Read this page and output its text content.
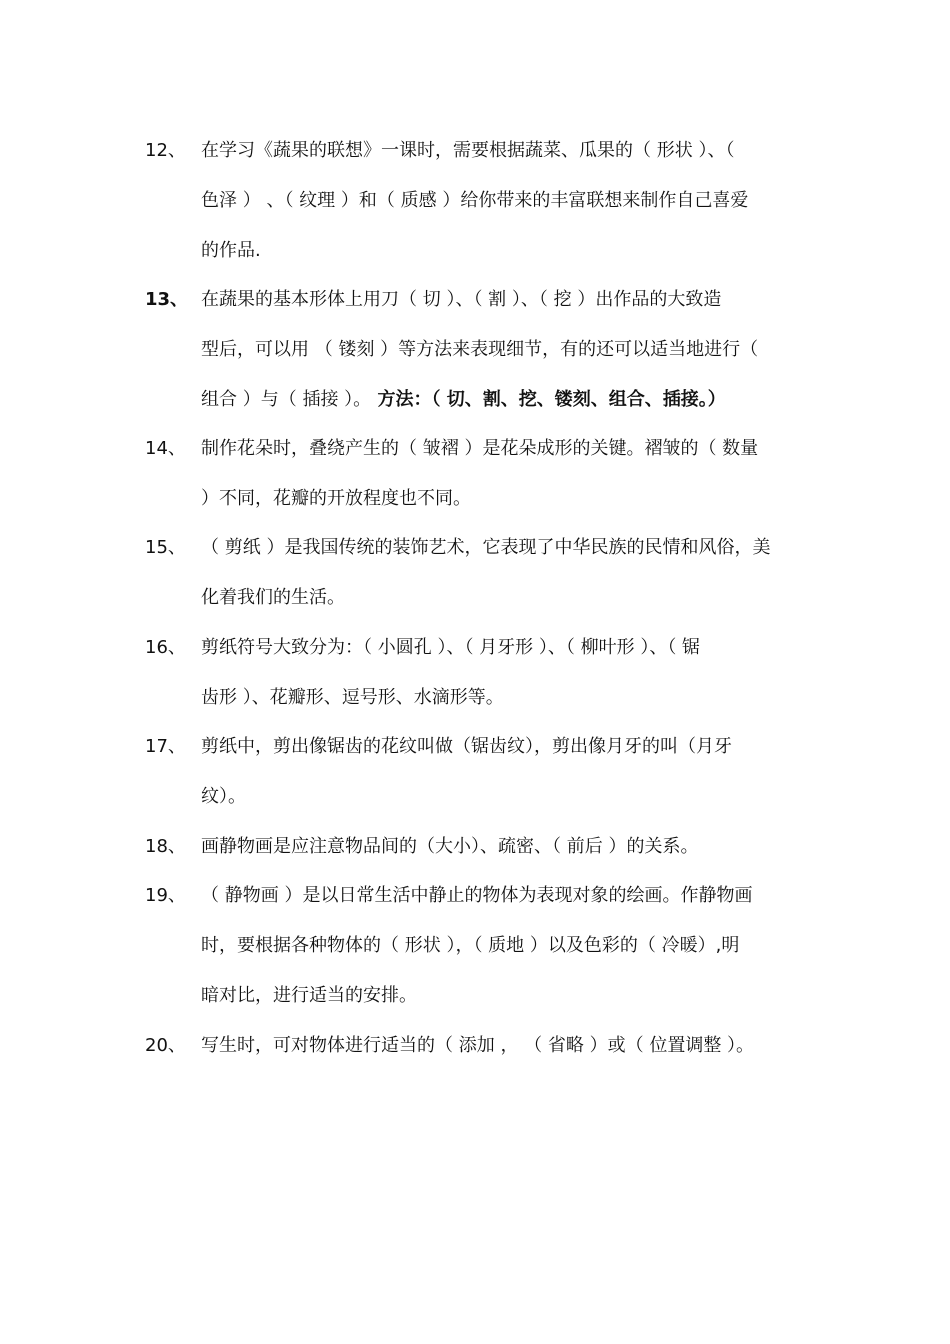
12、 在学习《蔬果的联想》一课时，需要根据蔬菜、瓜果的（ 形状 ）、（
色泽 ） 、（ 纹理 ）和（ 质感 ）给你带来的丰富联想来制作自己喜爱
的作品.
13、 在蔬果的基本形体上用刀（ 切 ）、（ 割 ）、（ 挖 ）出作品的大致造
型后，可以用 （ 镂刻 ）等方法来表现细节，有的还可以适当地进行（
组合 ）与（ 插接 ）。 方法：（ 切、割、挖、镂刻、组合、插接。）
14、 制作花朵时，叠绕产生的（ 皱褶 ）是花朵成形的关键。褶皱的（ 数量
）不同，花瓣的开放程度也不同。
15、 （ 剪纸 ）是我国传统的装饰艺术，它表现了中华民族的民情和风俗，美
化着我们的生活。
16、 剪纸符号大致分为：（ 小圆孔 ）、（ 月牙形 ）、（ 柳叶形 ）、（ 锯
齿形 ）、花瓣形、逗号形、水滴形等。
17、 剪纸中，剪出像锯齿的花纹叫做（锯齿纹），剪出像月牙的叫（月牙
纹）。
18、 画静物画是应注意物品间的（大小）、疏密、（ 前后 ）的关系。
19、 （ 静物画 ）是以日常生活中静止的物体为表现对象的绘画。作静物画
时，要根据各种物体的（ 形状 ），（ 质地 ）以及色彩的（ 冷暖）,明
暗对比，进行适当的安排。
20、 写生时，可对物体进行适当的（ 添加 ， （ 省略 ）或（ 位置调整 ）。
